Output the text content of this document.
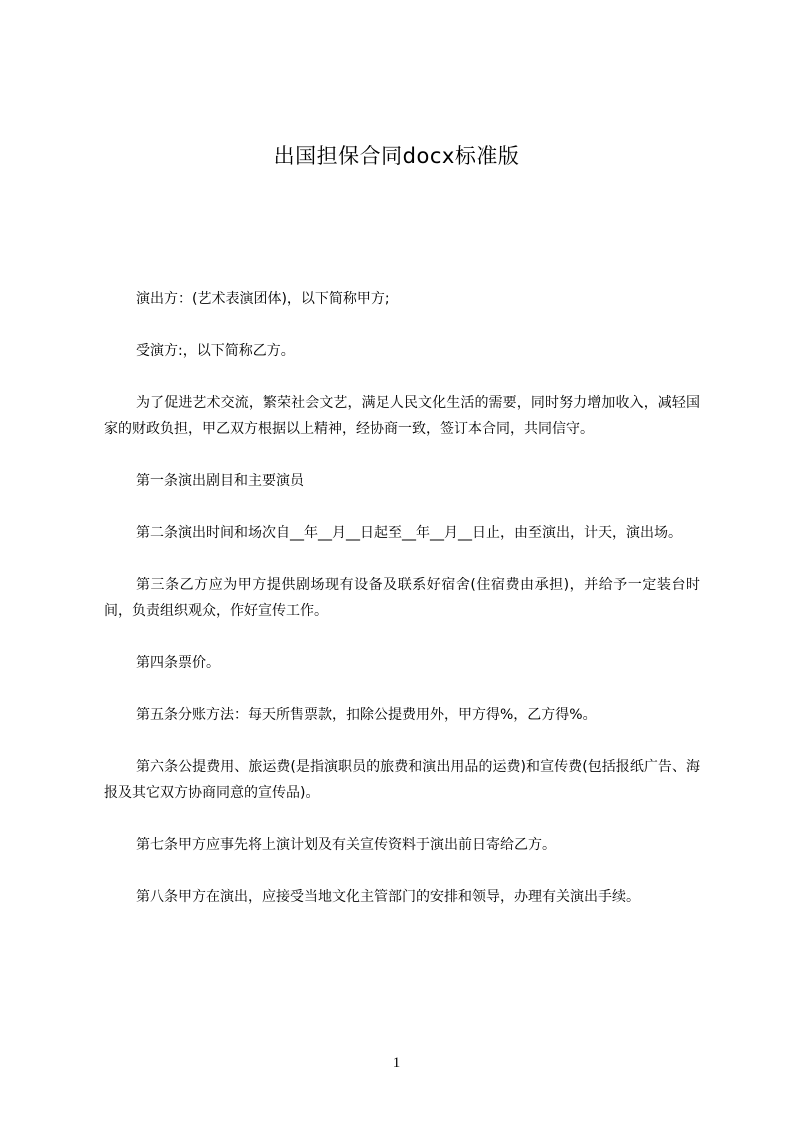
出国担保合同docx标准版

演出方：(艺术表演团体)，以下简称甲方;

受演方:，以下简称乙方。

为了促进艺术交流，繁荣社会文艺，满足人民文化生活的需要，同时努力增加收入，减轻国家的财政负担，甲乙双方根据以上精神，经协商一致，签订本合同，共同信守。

第一条演出剧目和主要演员

第二条演出时间和场次自__年__月__日起至__年__月__日止，由至演出，计天，演出场。

第三条乙方应为甲方提供剧场现有设备及联系好宿舍(住宿费由承担)，并给予一定装台时间，负责组织观众，作好宣传工作。

第四条票价。

第五条分账方法：每天所售票款，扣除公提费用外，甲方得%，乙方得%。

第六条公提费用、旅运费(是指演职员的旅费和演出用品的运费)和宣传费(包括报纸广告、海报及其它双方协商同意的宣传品)。

第七条甲方应事先将上演计划及有关宣传资料于演出前日寄给乙方。

第八条甲方在演出，应接受当地文化主管部门的安排和领导，办理有关演出手续。

1
